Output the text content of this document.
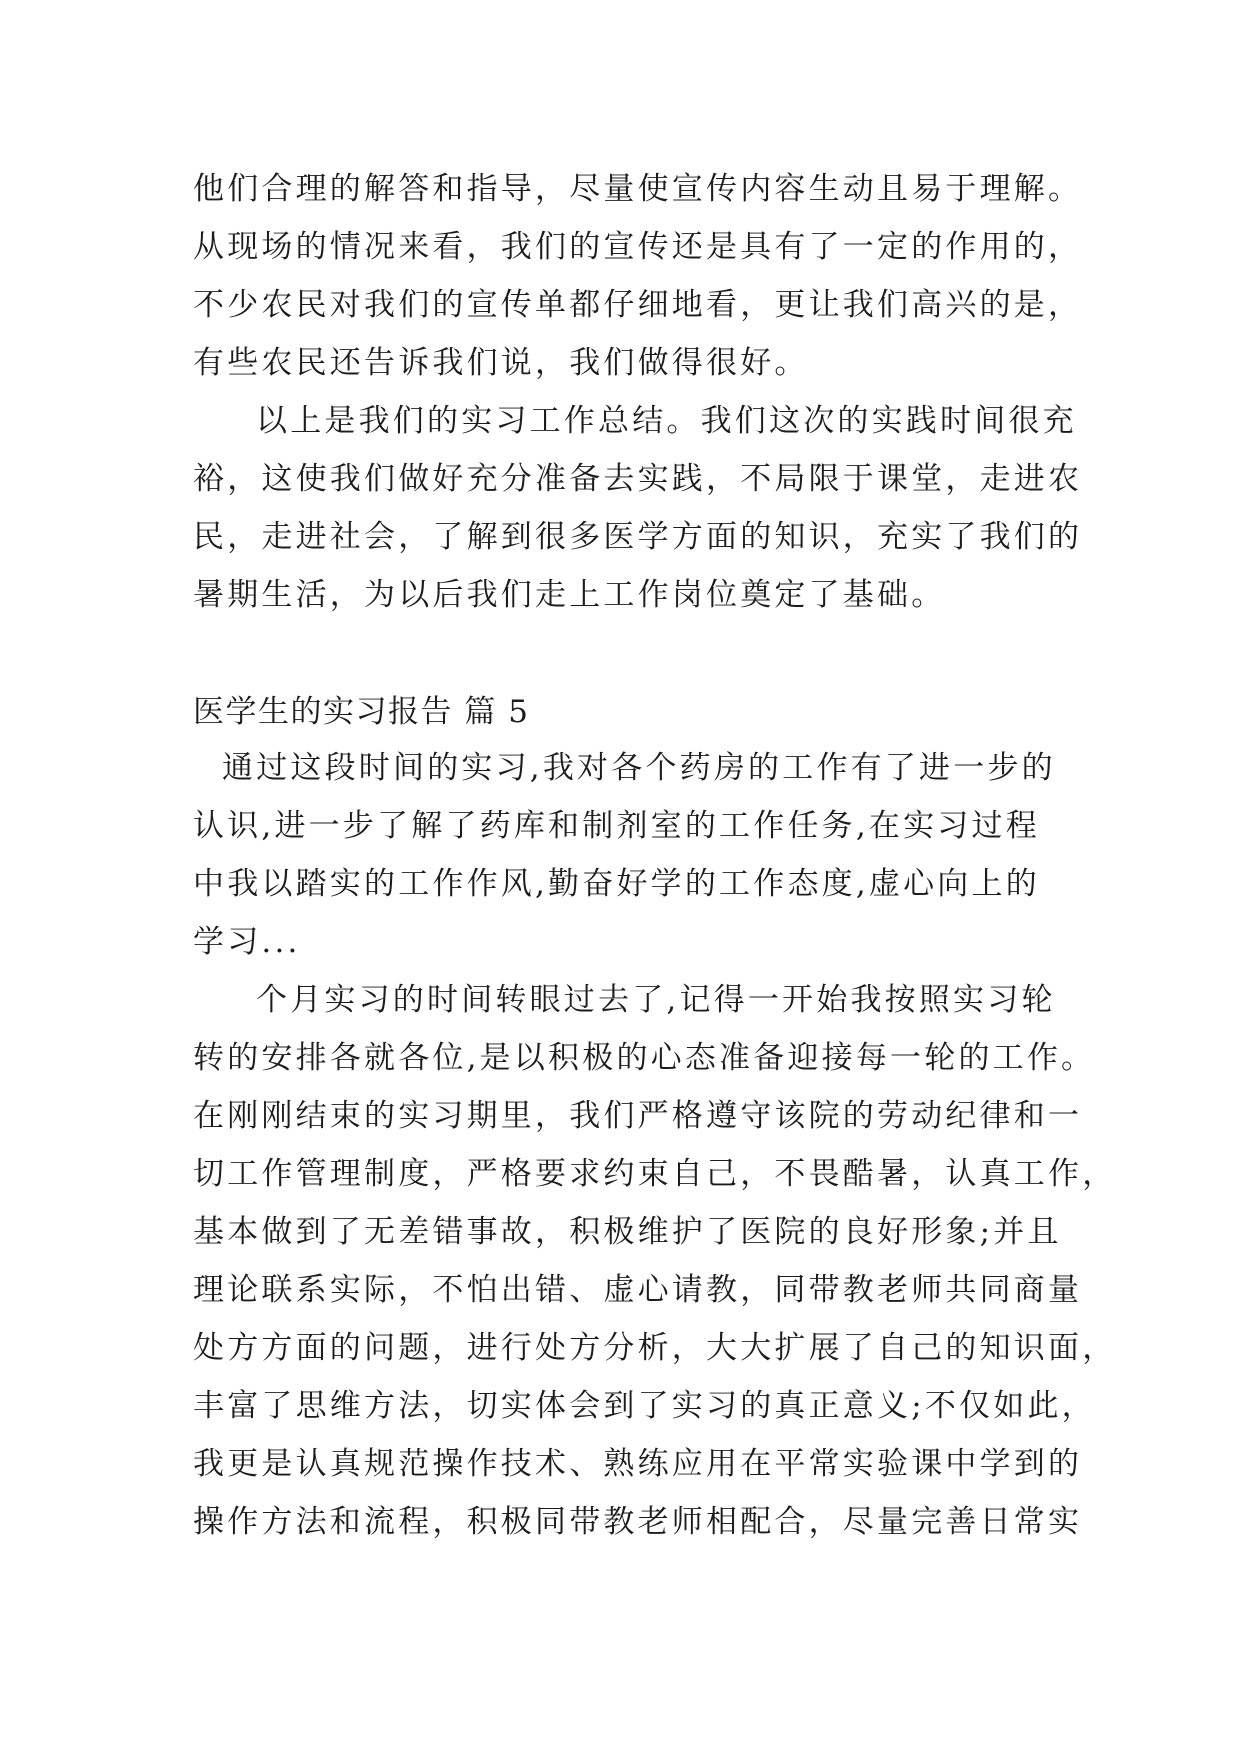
他们合理的解答和指导，尽量使宣传内容生动且易于理解。
从现场的情况来看，我们的宣传还是具有了一定的作用的，
不少农民对我们的宣传单都仔细地看，更让我们高兴的是，
有些农民还告诉我们说，我们做得很好。
以上是我们的实习工作总结。我们这次的实践时间很充
裕，这使我们做好充分准备去实践，不局限于课堂，走进农
民，走进社会，了解到很多医学方面的知识，充实了我们的
暑期生活，为以后我们走上工作岗位奠定了基础。
医学生的实习报告 篇 5
通过这段时间的实习,我对各个药房的工作有了进一步的
认识,进一步了解了药库和制剂室的工作任务,在实习过程
中我以踏实的工作作风,勤奋好学的工作态度,虚心向上的
学习...
个月实习的时间转眼过去了,记得一开始我按照实习轮
转的安排各就各位,是以积极的心态准备迎接每一轮的工作。
在刚刚结束的实习期里，我们严格遵守该院的劳动纪律和一
切工作管理制度，严格要求约束自己，不畏酷暑，认真工作，
基本做到了无差错事故，积极维护了医院的良好形象;并且
理论联系实际，不怕出错、虚心请教，同带教老师共同商量
处方方面的问题，进行处方分析，大大扩展了自己的知识面，
丰富了思维方法，切实体会到了实习的真正意义;不仅如此，
我更是认真规范操作技术、熟练应用在平常实验课中学到的
操作方法和流程，积极同带教老师相配合，尽量完善日常实
